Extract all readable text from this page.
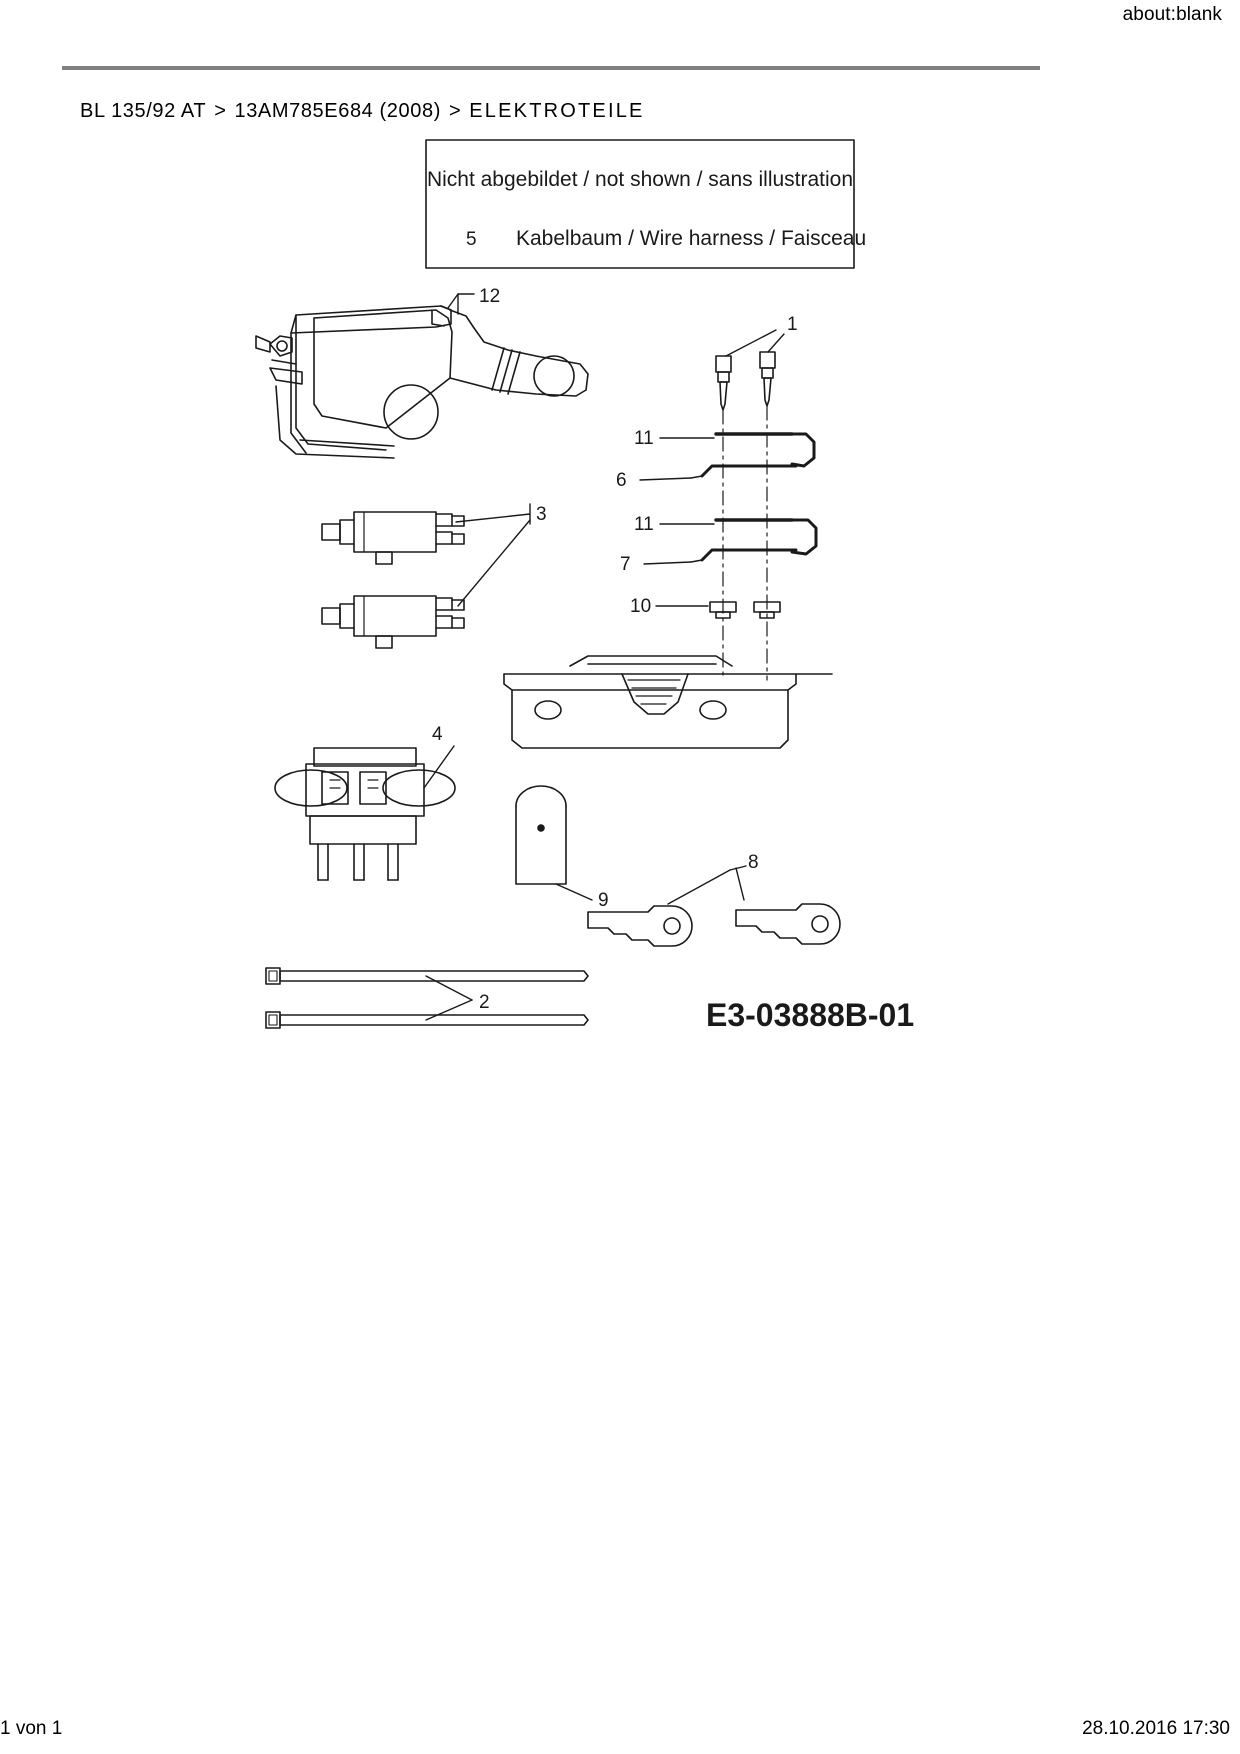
about:blank
BL 135/92 AT > 13AM785E684 (2008) > ELEKTROTEILE
Nicht abgebildet / not shown / sans illustration
5 Kabelbaum / Wire harness / Faisceau
12
1
11
6
11
7
10
3
4
9
8
2	E3-03888B-01
1 von 1	28.10.2016 17:30
